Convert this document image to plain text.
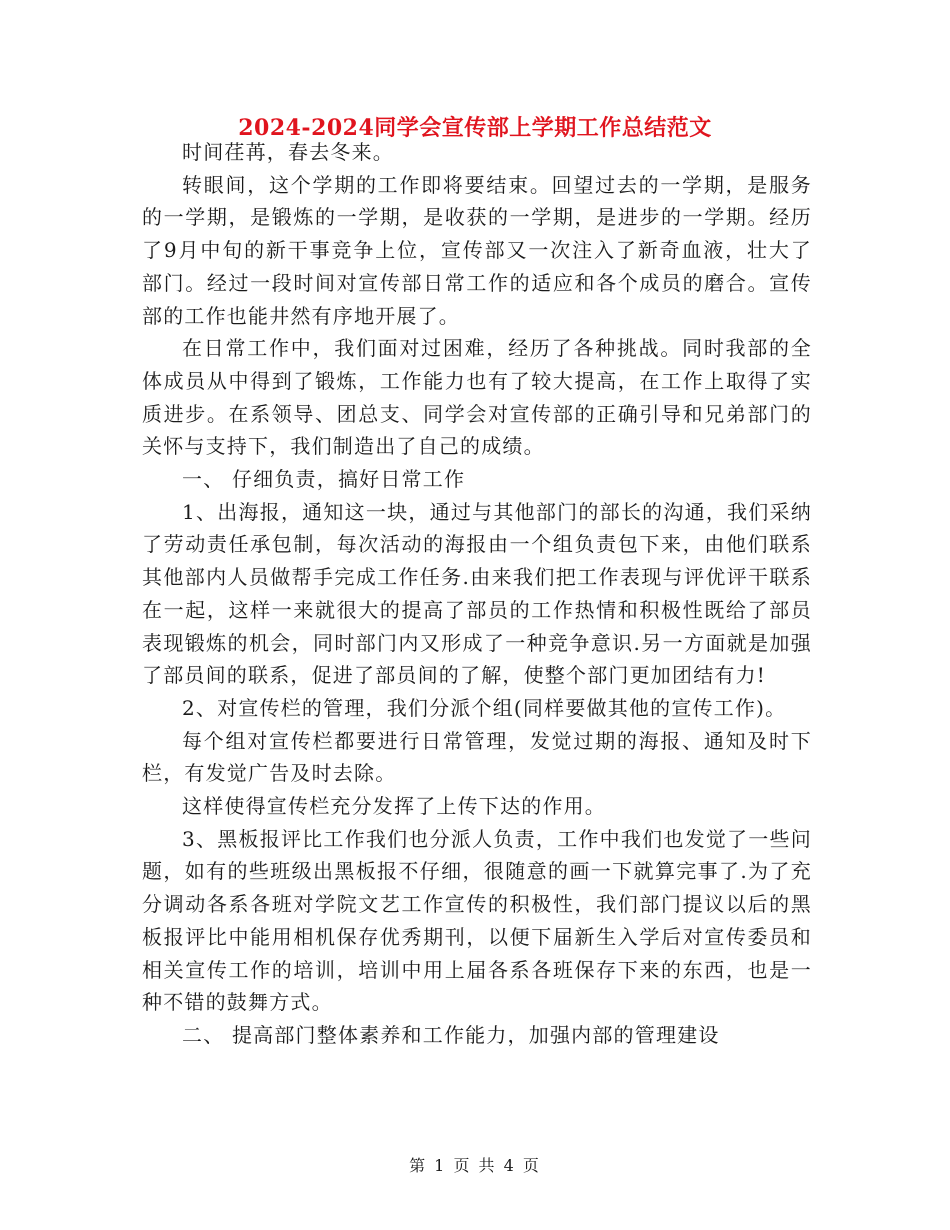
2024-2024同学会宣传部上学期工作总结范文

时间荏苒，春去冬来。

转眼间，这个学期的工作即将要结束。回望过去的一学期，是服务的一学期，是锻炼的一学期，是收获的一学期，是进步的一学期。经历了9月中旬的新干事竞争上位，宣传部又一次注入了新奇血液，壮大了部门。经过一段时间对宣传部日常工作的适应和各个成员的磨合。宣传部的工作也能井然有序地开展了。

在日常工作中，我们面对过困难，经历了各种挑战。同时我部的全体成员从中得到了锻炼，工作能力也有了较大提高，在工作上取得了实质进步。在系领导、团总支、同学会对宣传部的正确引导和兄弟部门的关怀与支持下，我们制造出了自己的成绩。

一、 仔细负责，搞好日常工作

1、出海报，通知这一块，通过与其他部门的部长的沟通，我们采纳了劳动责任承包制，每次活动的海报由一个组负责包下来，由他们联系其他部内人员做帮手完成工作任务.由来我们把工作表现与评优评干联系在一起，这样一来就很大的提高了部员的工作热情和积极性既给了部员表现锻炼的机会，同时部门内又形成了一种竞争意识.另一方面就是加强了部员间的联系，促进了部员间的了解，使整个部门更加团结有力!

2、对宣传栏的管理，我们分派个组(同样要做其他的宣传工作)。

每个组对宣传栏都要进行日常管理，发觉过期的海报、通知及时下栏，有发觉广告及时去除。

这样使得宣传栏充分发挥了上传下达的作用。

3、黑板报评比工作我们也分派人负责，工作中我们也发觉了一些问题，如有的些班级出黑板报不仔细，很随意的画一下就算完事了.为了充分调动各系各班对学院文艺工作宣传的积极性，我们部门提议以后的黑板报评比中能用相机保存优秀期刊，以便下届新生入学后对宣传委员和相关宣传工作的培训，培训中用上届各系各班保存下来的东西，也是一种不错的鼓舞方式。

二、 提高部门整体素养和工作能力，加强内部的管理建设

第 1 页 共 4 页
